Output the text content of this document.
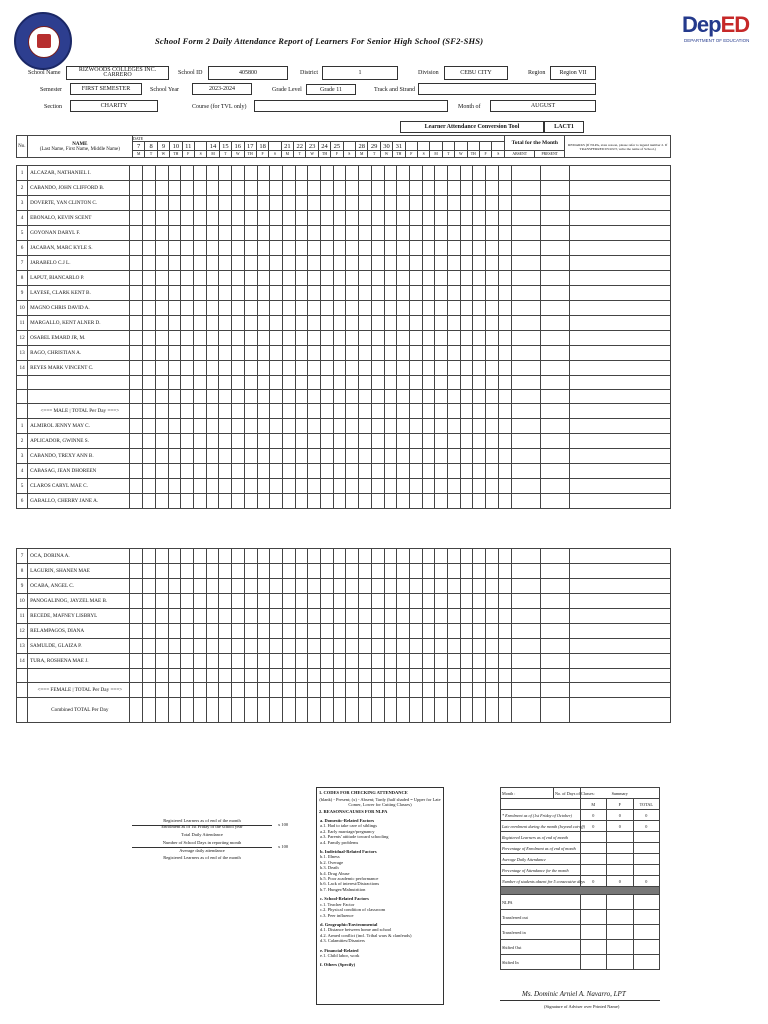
School Form 2 Daily Attendance Report of Learners For Senior High School (SF2-SHS)
DepED
DEPARTMENT OF EDUCATION
School Name	RIZWOODS COLLEGES INC. CARRERO	School ID	405800	District	1	Division	CEBU CITY	Region	Region VII
Semester	FIRST SEMESTER	School Year	2023-2024	Grade Level	Grade 11	Track and Strand
Section	CHARITY	Course (for TVL only)	Month of	AUGUST
Learner Attendance Conversion Tool	LACT1
No.	NAME
(Last Name, First Name, Middle Name)	DATE																														Total for the Month		REMARKS (If NLPA, state reason, please refer to legend number 2. If TRANSFERRED IN/OUT, write the name of School.)
		7	8	9	10	11		14	15	16	17	18		21	22	23	24	25		28	29	30	31											
		M	T	W	TH	F	S	M	T	W	TH	F	S	M	T	W	TH	F	S	M	T	W	TH	F	S	M	T	W	TH	F	S	ABSENT	PRESENT	
1	ALCAZAR, NATHANIEL I.																																	
2	CABANDO, JOHN CLIFFORD B.																																	
3	DOVERTE, YAN CLINTON C.																																	
4	EBONALO, KEVIN SCENT																																	
5	GOYONAN DARYL F.																																	
6	JACABAN, MARC KYLE S.																																	
7	JARABELO C.J L.																																	
8	LAPUT, BIANCARLO P.																																	
9	LAYESE, CLARK KENT B.																																	
10	MAGNO CHRIS DAVID A.																																	
11	MARGALLO, KENT ALNER D.																																	
12	OSABEL EMARD JR, M.																																	
13	RAGO, CHRISTIAN A.																																	
14	REYES MARK VINCENT C.																																	

	<=== MALE | TOTAL Per Day ===>																																	
1	ALMIROL JENNY MAY C.																																	
2	APLICADOR, GWINNE S.																																	
3	CABANDO, TREXY ANN B.																																	
4	CABASAG, JEAN DHOREEN																																	
5	CLAROS CARYL MAE C.																																	
6	GABALLO, CHERRY JANE A.																																	
7	OCA, DORINA A.																																	
8	LAGURIN, SHANEN MAE																																	
9	OCABA, ANGEL C.																																	
10	PANOGALINOG, JAYZEL MAE B.																																	
11	RECEDE, MAFNEY LISBRYL																																	
12	RELAMPAGOS, DIANA																																	
13	SAMULDE, GLAIZA P.																																	
14	TURA, ROSHENA MAE J.																																	

	<=== FEMALE | TOTAL Per Day ===>																																	
	Combined TOTAL Per Day																																	
Registered Learners as of end of the month
x 100
Enrolment as of 1st Friday of the school year
Total Daily Attendance
Number of School Days in reporting month
x 100
Average daily attendance
Registered Learners as of end of the month
1. CODES FOR CHECKING ATTENDANCE
(blank) - Present; (x) - Absent; Tardy (half shaded = Upper for Late Comer, Lower for Cutting Classes)
2. REASONS/CAUSES FOR NLPA
a. Domestic-Related Factors
a.1. Had to take care of siblings
a.2. Early marriage/pregnancy
a.3. Parents' attitude toward schooling
a.4. Family problems
b. Individual-Related Factors
b.1. Illness
b.2. Overage
b.3. Death
b.4. Drug Abuse
b.5. Poor academic performance
b.6. Lack of interest/Distractions
b.7. Hunger/Malnutrition
c. School-Related Factors
c.1. Teacher Factor
c.2. Physical condition of classroom
c.3. Peer influence
d. Geographic/Environmental
d.1. Distance between home and school
d.2. Armed conflict (incl. Tribal wars & clanfeuds)
d.3. Calamities/Disasters
e. Financial-Related
e.1. Child labor, work
f. Others (Specify)
Month :	No. of Days of Classes:	Summary		
		M	F	TOTAL
* Enrolment as of (1st Friday of October)		0	0	0
Late enrolment during the month (beyond cut-off)		0	0	0
Registered Learners as of end of month				
Percentage of Enrolment as of end of month				
Average Daily Attendance				
Percentage of Attendance for the month				
Number of students absent for 5 consecutive days		0	0	0

NLPA				
Transferred out				
Transferred in				
Shifted Out				
Shifted In				
Ms. Dominic Arniel A. Navarro, LPT
(Signature of Adviser over Printed Name)
